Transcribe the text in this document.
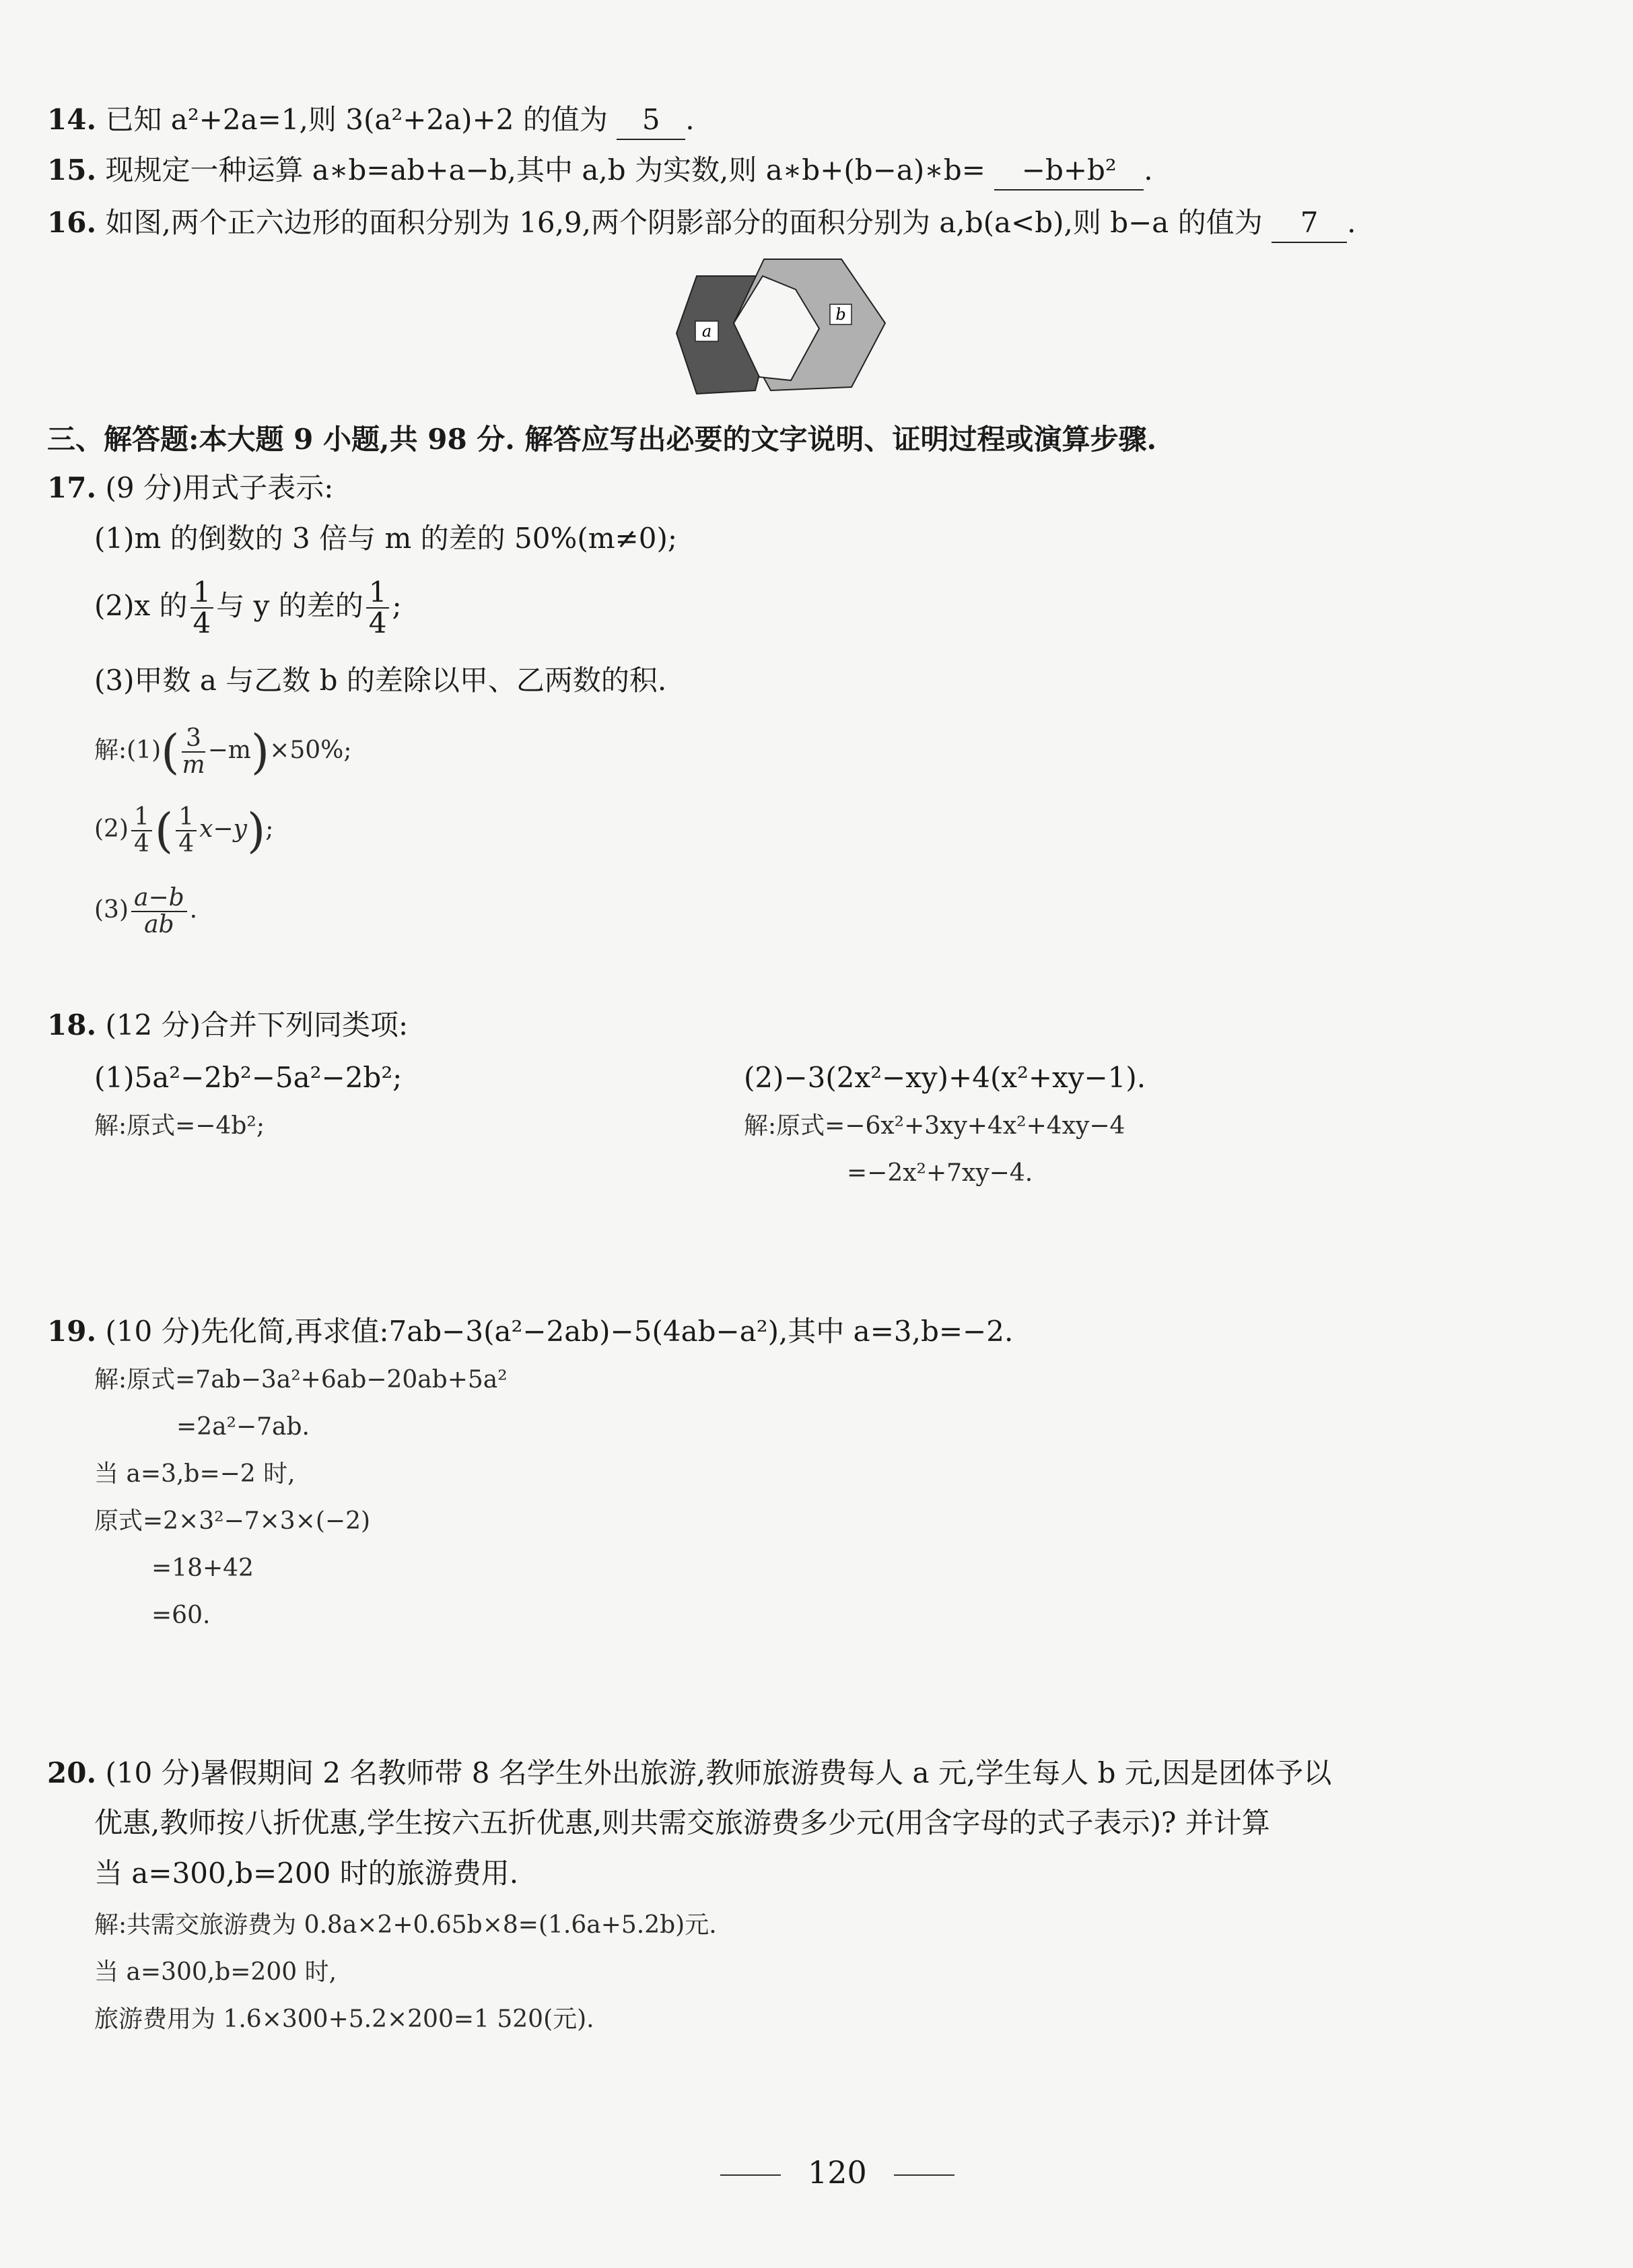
14. 已知 a²+2a=1,则 3(a²+2a)+2 的值为 5 .
15. 现规定一种运算 a∗b=ab+a−b,其中 a,b 为实数,则 a∗b+(b−a)∗b= −b+b² .
16. 如图,两个正六边形的面积分别为 16,9,两个阴影部分的面积分别为 a,b(a<b),则 b−a 的值为 7 .
a
b
三、解答题:本大题 9 小题,共 98 分. 解答应写出必要的文字说明、证明过程或演算步骤.
17. (9 分)用式子表示:
(1)m 的倒数的 3 倍与 m 的差的 50%(m≠0);
(2)x 的 $\frac{1}{4}$ 与 y 的差的 $\frac{1}{4}$ ;
(3)甲数 a 与乙数 b 的差除以甲、乙两数的积.
解:(1)( $\frac{3}{m} -m)\times 50\%$;
$(2) \frac{1}{4}$ ( $\frac{1}{4} x-y$);
$(3) \frac{a-b}{ab}$ .
18. (12 分)合并下列同类项:
(1)5a²−2b²−5a²−2b²;	(2)−3(2x²−xy)+4(x²+xy−1).
解:原式=−4b²;	解:原式=−6x²+3xy+4x²+4xy−4
=−2x²+7xy−4.
19. (10 分)先化简,再求值:7ab−3(a²−2ab)−5(4ab−a²),其中 a=3,b=−2.
解:原式=7ab−3a²+6ab−20ab+5a²
=2a²−7ab.
当 a=3,b=−2 时,
原式=2×3²−7×3×(−2)
=18+42
=60.
20. (10 分)暑假期间 2 名教师带 8 名学生外出旅游,教师旅游费每人 a 元,学生每人 b 元,因是团体予以
优惠,教师按八折优惠,学生按六五折优惠,则共需交旅游费多少元(用含字母的式子表示)? 并计算
当 a=300,b=200 时的旅游费用.
解:共需交旅游费为 0.8a×2+0.65b×8=(1.6a+5.2b)元.
当 a=300,b=200 时,
旅游费用为 1.6×300+5.2×200=1 520(元).
120
